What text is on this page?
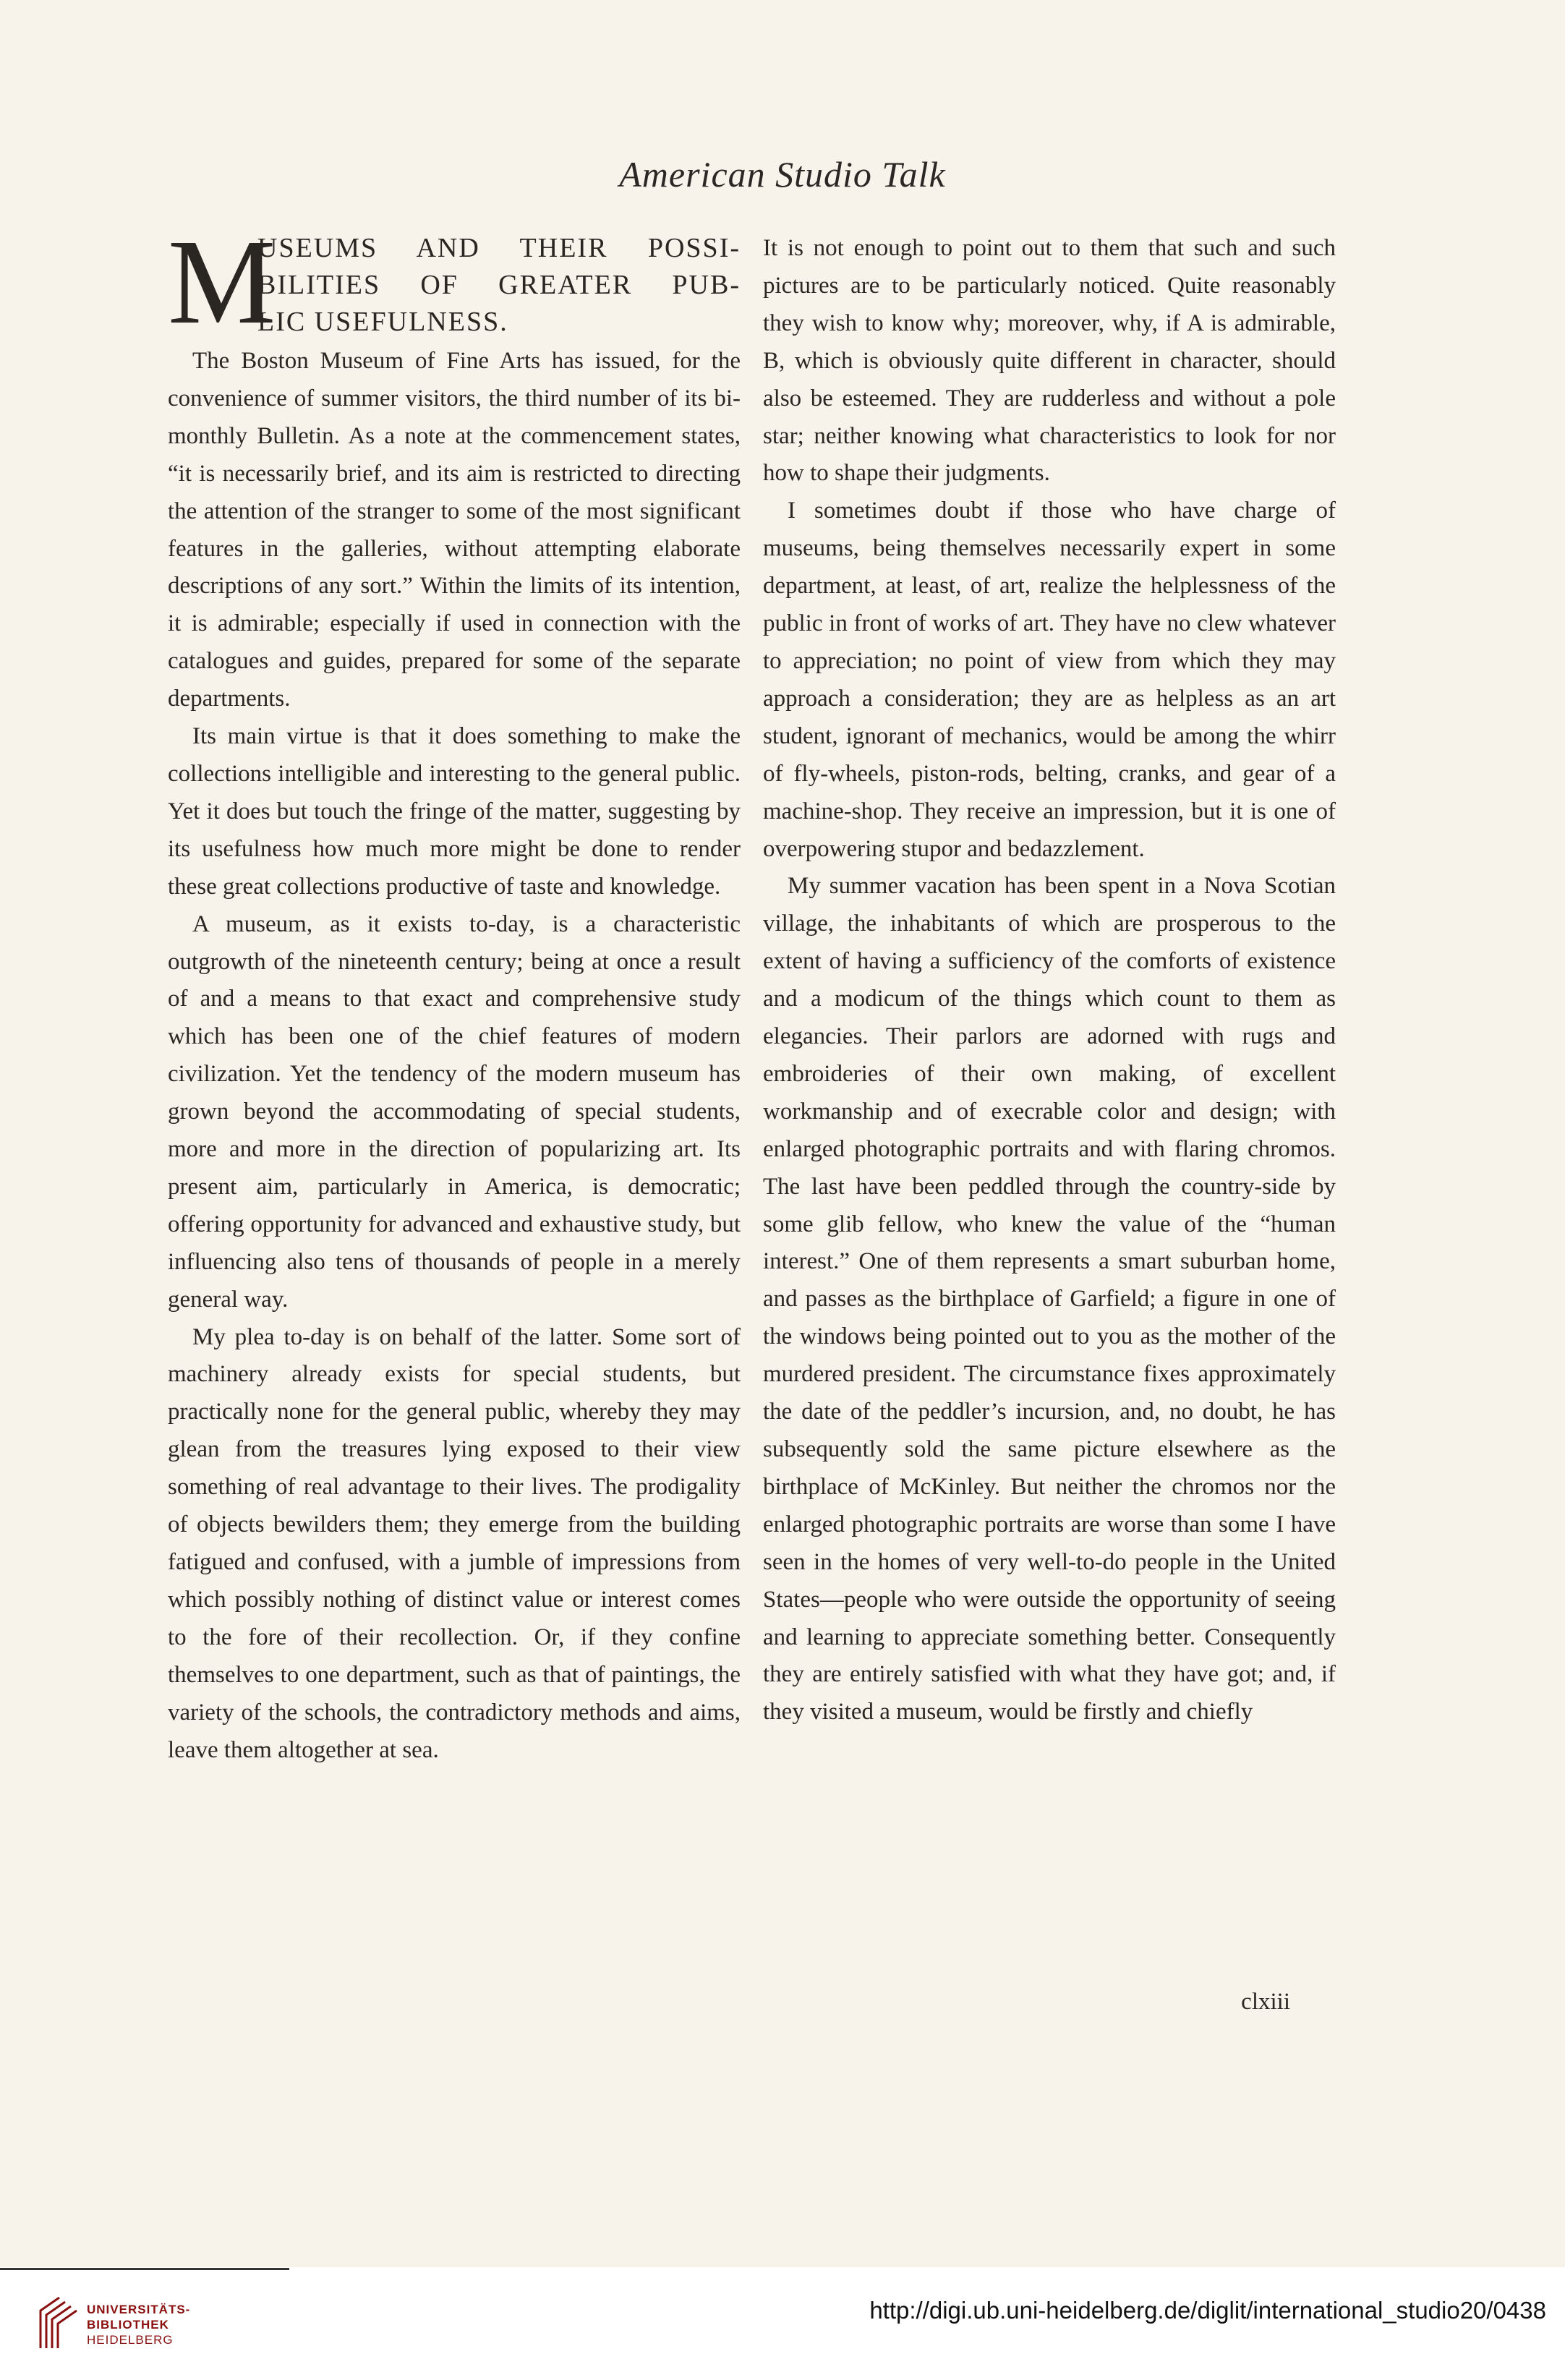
American Studio Talk
M
USEUMS AND THEIR POSSI-
BILITIES OF GREATER PUB-
LIC USEFULNESS.

The Boston Museum of Fine Arts has issued, for the convenience of summer visitors, the third number of its bi-monthly Bulletin. As a note at the commencement states, “it is necessarily brief, and its aim is restricted to directing the attention of the stranger to some of the most significant features in the galleries, without attempting elaborate descriptions of any sort.” Within the limits of its intention, it is admirable; especially if used in connection with the catalogues and guides, prepared for some of the separate departments.

Its main virtue is that it does something to make the collections intelligible and interesting to the general public. Yet it does but touch the fringe of the matter, suggesting by its usefulness how much more might be done to render these great collections productive of taste and knowledge.

A museum, as it exists to-day, is a characteristic outgrowth of the nineteenth century; being at once a result of and a means to that exact and comprehensive study which has been one of the chief features of modern civilization. Yet the tendency of the modern museum has grown beyond the accommodating of special students, more and more in the direction of popularizing art. Its present aim, particularly in America, is democratic; offering opportunity for advanced and exhaustive study, but influencing also tens of thousands of people in a merely general way.

My plea to-day is on behalf of the latter. Some sort of machinery already exists for special students, but practically none for the general public, whereby they may glean from the treasures lying exposed to their view something of real advantage to their lives. The prodigality of objects bewilders them; they emerge from the building fatigued and confused, with a jumble of impressions from which possibly nothing of distinct value or interest comes to the fore of their recollection. Or, if they confine themselves to one department, such as that of paintings, the variety of the schools, the contradictory methods and aims, leave them altogether at sea.

It is not enough to point out to them that such and such pictures are to be particularly noticed. Quite reasonably they wish to know why; moreover, why, if A is admirable, B, which is obviously quite different in character, should also be esteemed. They are rudderless and without a pole star; neither knowing what characteristics to look for nor how to shape their judgments.

I sometimes doubt if those who have charge of museums, being themselves necessarily expert in some department, at least, of art, realize the helplessness of the public in front of works of art. They have no clew whatever to appreciation; no point of view from which they may approach a consideration; they are as helpless as an art student, ignorant of mechanics, would be among the whirr of fly-wheels, piston-rods, belting, cranks, and gear of a machine-shop. They receive an impression, but it is one of overpowering stupor and bedazzlement.

My summer vacation has been spent in a Nova Scotian village, the inhabitants of which are prosperous to the extent of having a sufficiency of the comforts of existence and a modicum of the things which count to them as elegancies. Their parlors are adorned with rugs and embroideries of their own making, of excellent workmanship and of execrable color and design; with enlarged photographic portraits and with flaring chromos. The last have been peddled through the country-side by some glib fellow, who knew the value of the “human interest.” One of them represents a smart suburban home, and passes as the birthplace of Garfield; a figure in one of the windows being pointed out to you as the mother of the murdered president. The circumstance fixes approximately the date of the peddler’s incursion, and, no doubt, he has subsequently sold the same picture elsewhere as the birthplace of McKinley. But neither the chromos nor the enlarged photographic portraits are worse than some I have seen in the homes of very well-to-do people in the United States—people who were outside the opportunity of seeing and learning to appreciate something better. Consequently they are entirely satisfied with what they have got; and, if they visited a museum, would be firstly and chiefly

clxiii
UNIVERSITÄTS-
BIBLIOTHEK
HEIDELBERG
http://digi.ub.uni-heidelberg.de/diglit/international_studio20/0438
